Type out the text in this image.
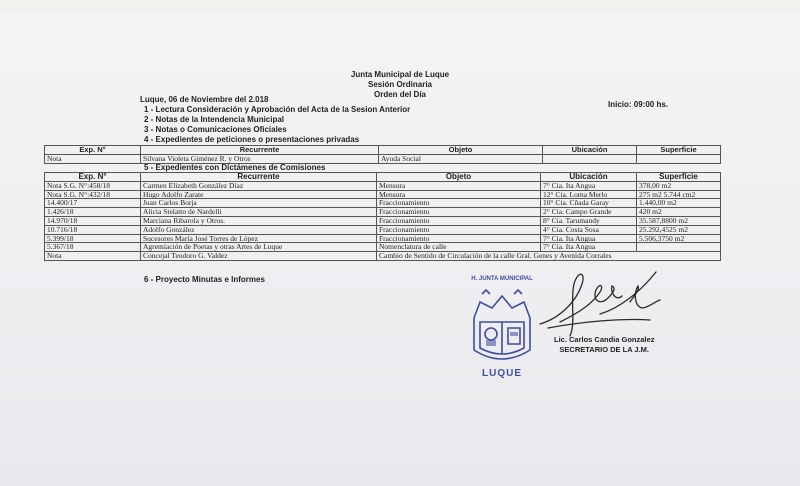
Junta Municipal de Luque
Sesión Ordinaria
Orden del Día
Luque, 06 de Noviembre del 2.018
Inicio: 09:00 hs.
1 - Lectura Consideración y Aprobación del Acta de la Sesion Anterior
2 - Notas de la Intendencia Municipal
3 - Notas o Comunicaciones Oficiales
4 - Expedientes de peticiones o presentaciones privadas
Exp. N°	Recurrente	Objeto	Ubicación	Superficie
Nota	Silvana Violeta Giménez R. y Otros	Ayuda Social		
5 - Expedientes con Dictámenes de Comisiones
Exp. N°	Recurrente	Objeto	Ubicación	Superficie
Nota S.G. N°:458/18	Carmen Elizabeth González Díaz	Mensura	7° Cia. Ita Angua	378,00 m2
Nota S.G. N°:432/18	Hugo Adolfo Zarate	Mensura	12° Cia. Loma Merlo	275 m2 5.744 cm2
14.400/17	Juan Carlos Borja	Fraccionamiento	10° Cia. Cñada Garay	1.440,00 m2
1.426/18	Alicia Stelatto de Nardelli	Fraccionamiento	2° Cia. Campo Grande	420 m2
14.970/18	Marciana Ribarola y Otros.	Fraccionamiento	8° Cia. Tarumandy	35.587,8800 m2
10.716/18	Adolfo González	Fraccionamiento	4° Cia. Costa Sosa	25.292,4525 m2
5.399/18	Sucesores María José Torres de López	Fraccionamiento	7° Cia. Ita Angua	5.506,3750 m2
5.367/18	Agremiación de Poetas y otras Artes de Luque	Nomenclatura de calle	7° Cia. Ita Angua	
Nota	Concejal Teodoro G. Valdez	Cambio de Sentido de Circulación de la calle Gral. Genes y Avenida Corrales		
6 - Proyecto Minutas e Informes	H. JUNTA MUNICIPAL
LUQUE
Lic. Carlos Candia Gonzalez
SECRETARIO DE LA J.M.
